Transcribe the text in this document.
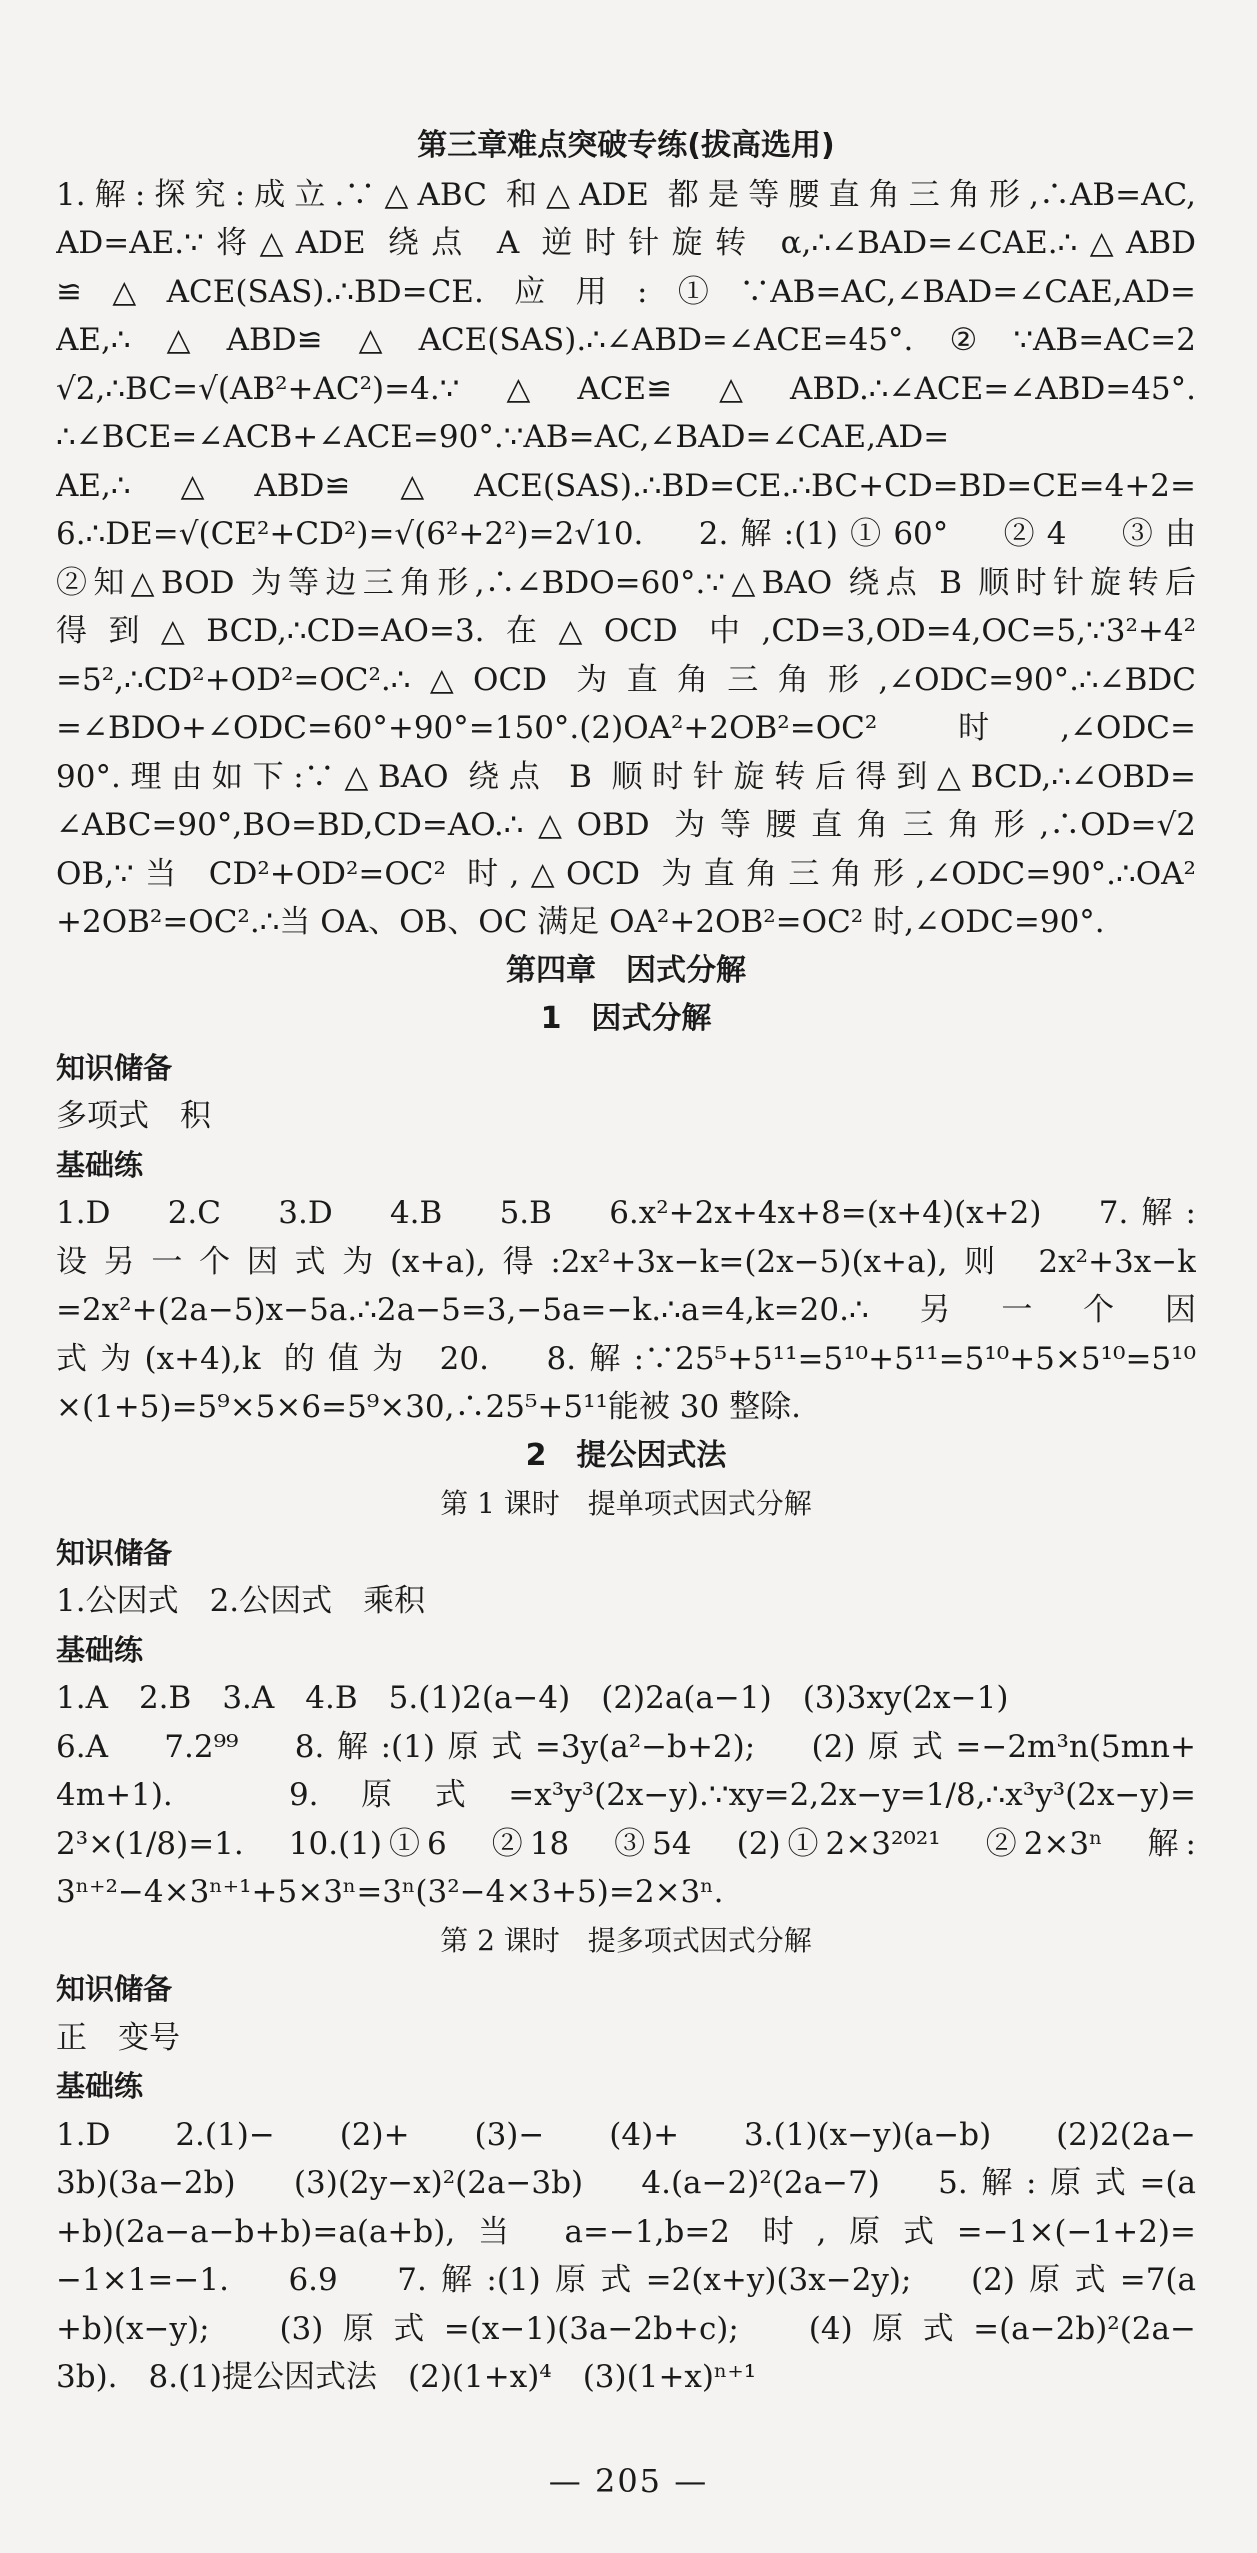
第三章难点突破专练(拔高选用)
1.解:探究:成立.∵△ABC 和△ADE 都是等腰直角三角形,∴AB=AC,
AD=AE.∵将△ADE 绕点 A 逆时针旋转 α,∴∠BAD=∠CAE.∴△ABD
≌△ACE(SAS).∴BD=CE.应用:①∵AB=AC,∠BAD=∠CAE,AD=
AE,∴△ABD≌△ACE(SAS).∴∠ABD=∠ACE=45°.②∵AB=AC=2
√2,∴BC=√(AB²+AC²)=4.∵△ACE≌△ABD.∴∠ACE=∠ABD=45°.
∴∠BCE=∠ACB+∠ACE=90°.∵AB=AC,∠BAD=∠CAE,AD=
AE,∴△ABD≌△ACE(SAS).∴BD=CE.∴BC+CD=BD=CE=4+2=
6.∴DE=√(CE²+CD²)=√(6²+2²)=2√10.　2.解:(1)①60°　②4　③由
②知△BOD 为等边三角形,∴∠BDO=60°.∵△BAO 绕点 B 顺时针旋转后
得到△BCD,∴CD=AO=3.在△OCD 中,CD=3,OD=4,OC=5,∵3²+4²
=5²,∴CD²+OD²=OC².∴△OCD 为直角三角形,∠ODC=90°.∴∠BDC
=∠BDO+∠ODC=60°+90°=150°.(2)OA²+2OB²=OC² 时,∠ODC=
90°.理由如下:∵△BAO 绕点 B 顺时针旋转后得到△BCD,∴∠OBD=
∠ABC=90°,BO=BD,CD=AO.∴△OBD 为等腰直角三角形,∴OD=√2
OB,∵当 CD²+OD²=OC² 时,△OCD 为直角三角形,∠ODC=90°.∴OA²
+2OB²=OC².∴当 OA、OB、OC 满足 OA²+2OB²=OC² 时,∠ODC=90°.
第四章　因式分解
1　因式分解
知识储备
多项式　积
基础练
1.D　2.C　3.D　4.B　5.B　6.x²+2x+4x+8=(x+4)(x+2)　7.解:
设另一个因式为(x+a),得:2x²+3x−k=(2x−5)(x+a),则 2x²+3x−k
=2x²+(2a−5)x−5a.∴2a−5=3,−5a=−k.∴a=4,k=20.∴另一个因
式为(x+4),k 的值为 20.　8.解:∵25⁵+5¹¹=5¹⁰+5¹¹=5¹⁰+5×5¹⁰=5¹⁰
×(1+5)=5⁹×5×6=5⁹×30,∴25⁵+5¹¹能被 30 整除.
2　提公因式法
第 1 课时　提单项式因式分解
知识储备
1.公因式　2.公因式　乘积
基础练
1.A　2.B　3.A　4.B　5.(1)2(a−4)　(2)2a(a−1)　(3)3xy(2x−1)
6.A　7.2⁹⁹　8.解:(1)原式=3y(a²−b+2);　(2)原式=−2m³n(5mn+
4m+1).　9.原式=x³y³(2x−y).∵xy=2,2x−y=1/8,∴x³y³(2x−y)=
2³×(1/8)=1.　10.(1)①6　②18　③54　(2)①2×3²⁰²¹　②2×3ⁿ　解:
3ⁿ⁺²−4×3ⁿ⁺¹+5×3ⁿ=3ⁿ(3²−4×3+5)=2×3ⁿ.
第 2 课时　提多项式因式分解
知识储备
正　变号
基础练
1.D　2.(1)−　(2)+　(3)−　(4)+　3.(1)(x−y)(a−b)　(2)2(2a−
3b)(3a−2b)　(3)(2y−x)²(2a−3b)　4.(a−2)²(2a−7)　5.解:原式=(a
+b)(2a−a−b+b)=a(a+b),当 a=−1,b=2 时,原式=−1×(−1+2)=
−1×1=−1.　6.9　7.解:(1)原式=2(x+y)(3x−2y);　(2)原式=7(a
+b)(x−y);　(3)原式=(x−1)(3a−2b+c);　(4)原式=(a−2b)²(2a−
3b).　8.(1)提公因式法　(2)(1+x)⁴　(3)(1+x)ⁿ⁺¹
— 205 —
